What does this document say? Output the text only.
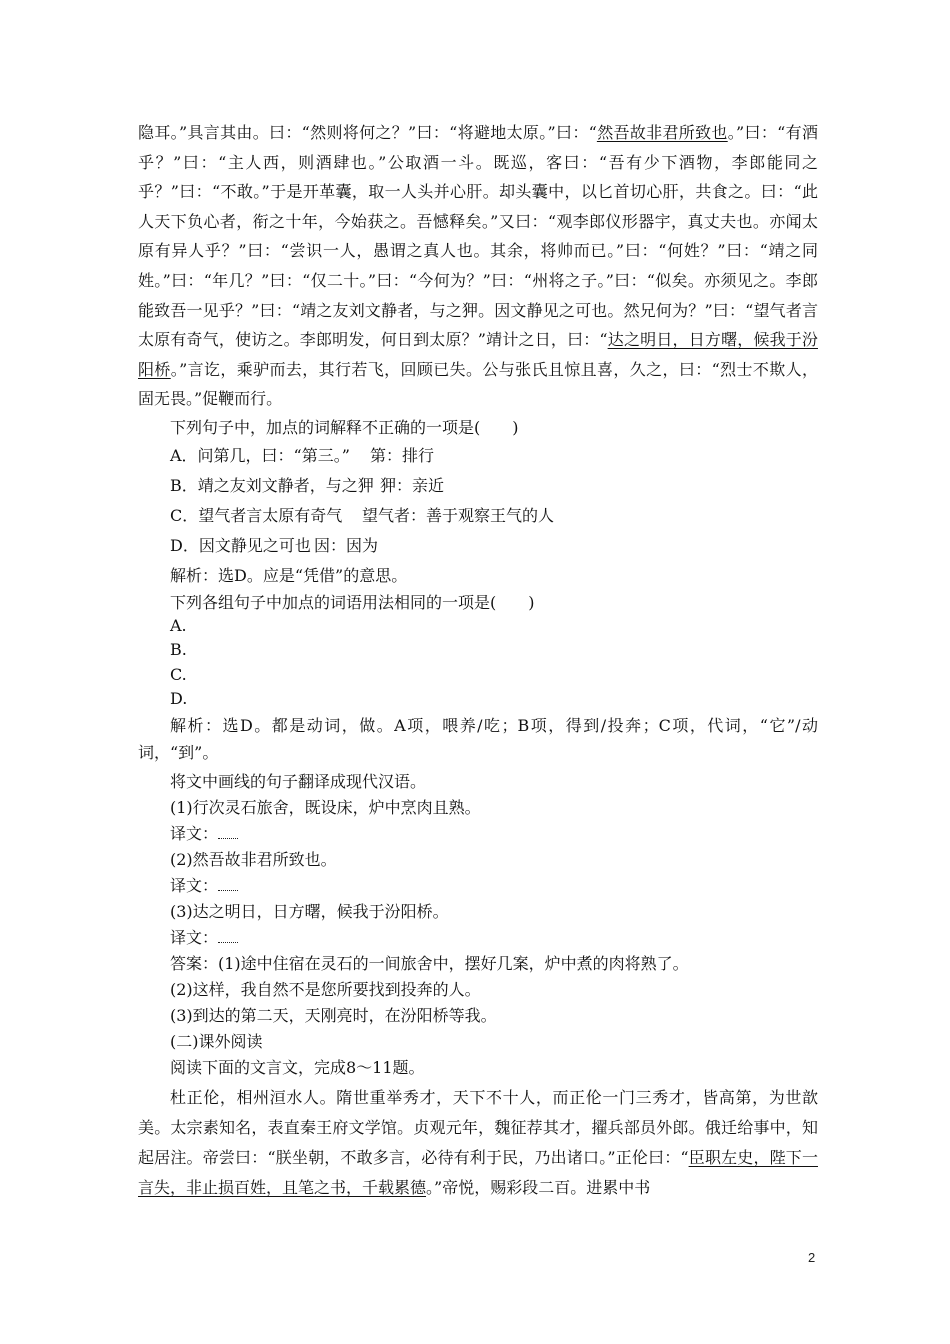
隐耳。”具言其由。曰：“然则将何之？”曰：“将避地太原。”曰：“然吾故非君所致也。”曰：“有酒乎？”曰：“主人西，则酒肆也。”公取酒一斗。既巡，客曰：“吾有少下酒物，李郎能同之乎？”曰：“不敢。”于是开革囊，取一人头并心肝。却头囊中，以匕首切心肝，共食之。曰：“此人天下负心者，衔之十年，今始获之。吾憾释矣。”又曰：“观李郎仪形器宇，真丈夫也。亦闻太原有异人乎？”曰：“尝识一人，愚谓之真人也。其余，将帅而已。”曰：“何姓？”曰：“靖之同姓。”曰：“年几？”曰：“仅二十。”曰：“今何为？”曰：“州将之子。”曰：“似矣。亦须见之。李郎能致吾一见乎？”曰：“靖之友刘文静者，与之狎。因文静见之可也。然兄何为？”曰：“望气者言太原有奇气，使访之。李郎明发，何日到太原？”靖计之日，曰：“达之明日，日方曙，候我于汾阳桥。”言讫，乘驴而去，其行若飞，回顾已失。公与张氏且惊且喜，久之，曰：“烈士不欺人，固无畏。”促鞭而行。

下列句子中，加点的词解释不正确的一项是(　　)
A．问第几，曰：“第三。” 第：排行
B．靖之友刘文静者，与之狎 狎：亲近
C．望气者言太原有奇气 望气者：善于观察王气的人
D．因文静见之可也 因：因为
解析：选D。应是“凭借”的意思。
下列各组句子中加点的词语用法相同的一项是(　　)
A.
B.
C.
D.

解析：选D。都是动词，做。A项，喂养/吃；B项，得到/投奔；C项，代词，“它”/动词，“到”。

将文中画线的句子翻译成现代汉语。
(1)行次灵石旅舍，既设床，炉中烹肉且熟。
译文：
(2)然吾故非君所致也。
译文：
(3)达之明日，日方曙，候我于汾阳桥。
译文：
答案：(1)途中住宿在灵石的一间旅舍中，摆好几案，炉中煮的肉将熟了。
(2)这样，我自然不是您所要找到投奔的人。
(3)到达的第二天，天刚亮时，在汾阳桥等我。
(二)课外阅读
阅读下面的文言文，完成8～11题。

杜正伦，相州洹水人。隋世重举秀才，天下不十人，而正伦一门三秀才，皆高第，为世歆美。太宗素知名，表直秦王府文学馆。贞观元年，魏征荐其才，擢兵部员外郎。俄迁给事中，知起居注。帝尝曰：“朕坐朝，不敢多言，必待有利于民，乃出诸口。”正伦曰：“臣职左史，陛下一言失，非止损百姓，且笔之书，千载累德。”帝悦，赐彩段二百。进累中书

2
